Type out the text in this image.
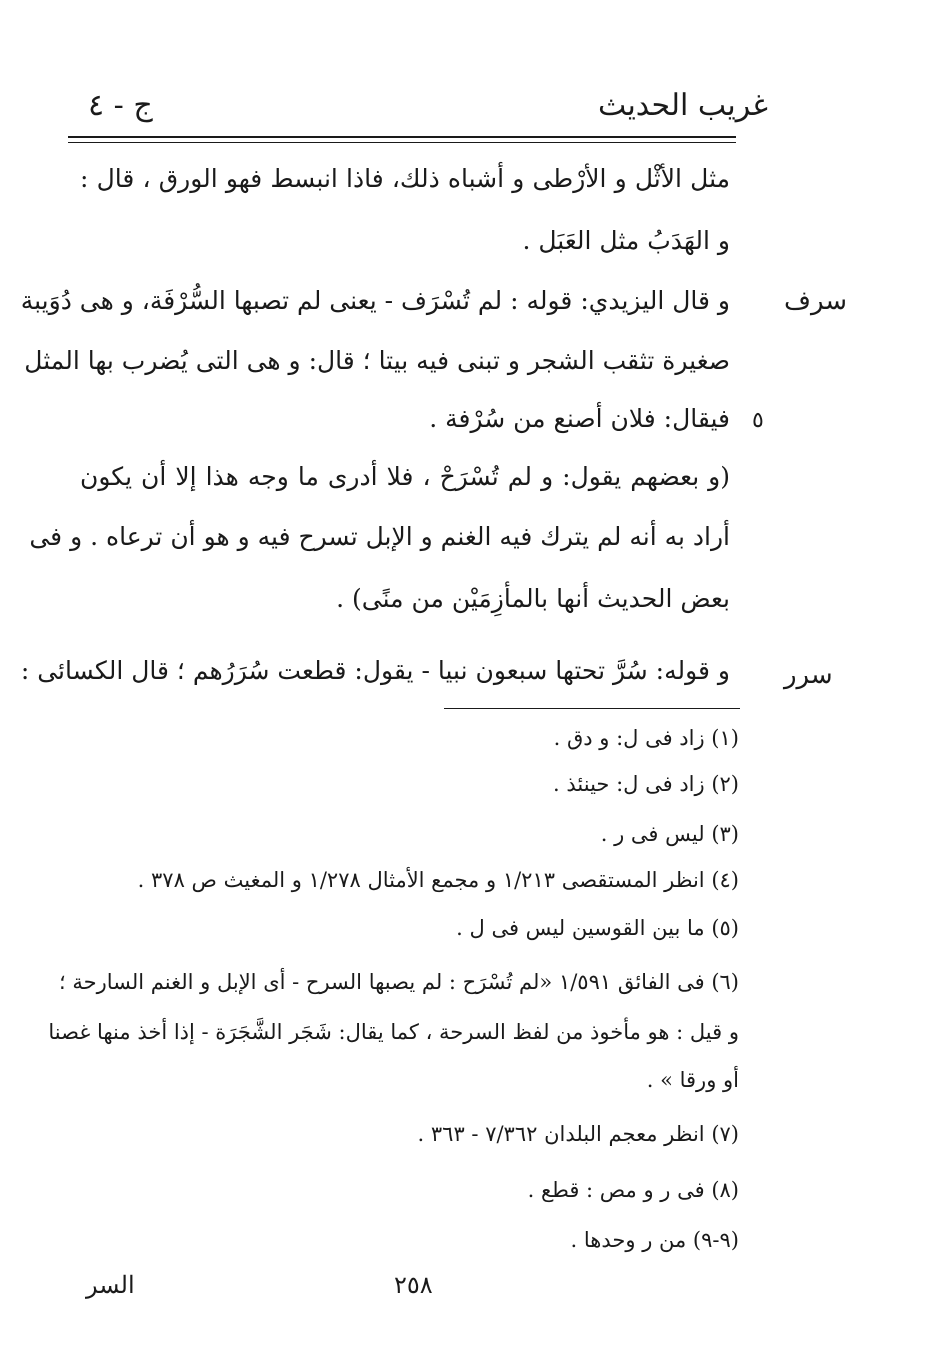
غريب الحديث
ج - ٤
مثل الأثْل و الأرْطى و أشباه ذلك، فاذا انبسط فهو الورق ، قال :
و الهَدَبُ مثل العَبَل .
سرف
و قال اليزيدي: قوله : لم تُسْرَف - يعنى لم تصبها السُّرْفَة، و هى دُوَيبة
صغيرة تثقب الشجر و تبنى فيه بيتا ؛ قال: و هى التى يُضرب بها المثل
٥
فيقال: فلان أصنع من سُرْفة .
(و بعضهم يقول: و لم تُسْرَحْ ، فلا أدرى ما وجه هذا إلا أن يكون
أراد به أنه لم يترك فيه الغنم و الإبل تسرح فيه و هو أن ترعاه . و فى
بعض الحديث أنها بالمأزِمَيْن من منًى) .
سرر
و قوله: سُرَّ تحتها سبعون نبيا - يقول: قطعت سُرَرُهم ؛ قال الكسائى :
(١) زاد فى ل: و دق .
(٢) زاد فى ل: حينئذ .
(٣) ليس فى ر .
(٤) انظر المستقصى ١/٢١٣ و مجمع الأمثال ١/٢٧٨ و المغيث ص ٣٧٨ .
(٥) ما بين القوسين ليس فى ل .
(٦) فى الفائق ١/٥٩١ «لم تُسْرَح : لم يصبها السرح - أى الإبل و الغنم السارحة ؛
و قيل : هو مأخوذ من لفظ السرحة ، كما يقال: شَجَر الشَّجَرَة - إذا أخذ منها غصنا
أو ورقا » .
(٧) انظر معجم البلدان ٧/٣٦٢ - ٣٦٣ .
(٨) فى ر و مص : قطع .
(٩-٩) من ر وحدها .
٢٥٨
السر
